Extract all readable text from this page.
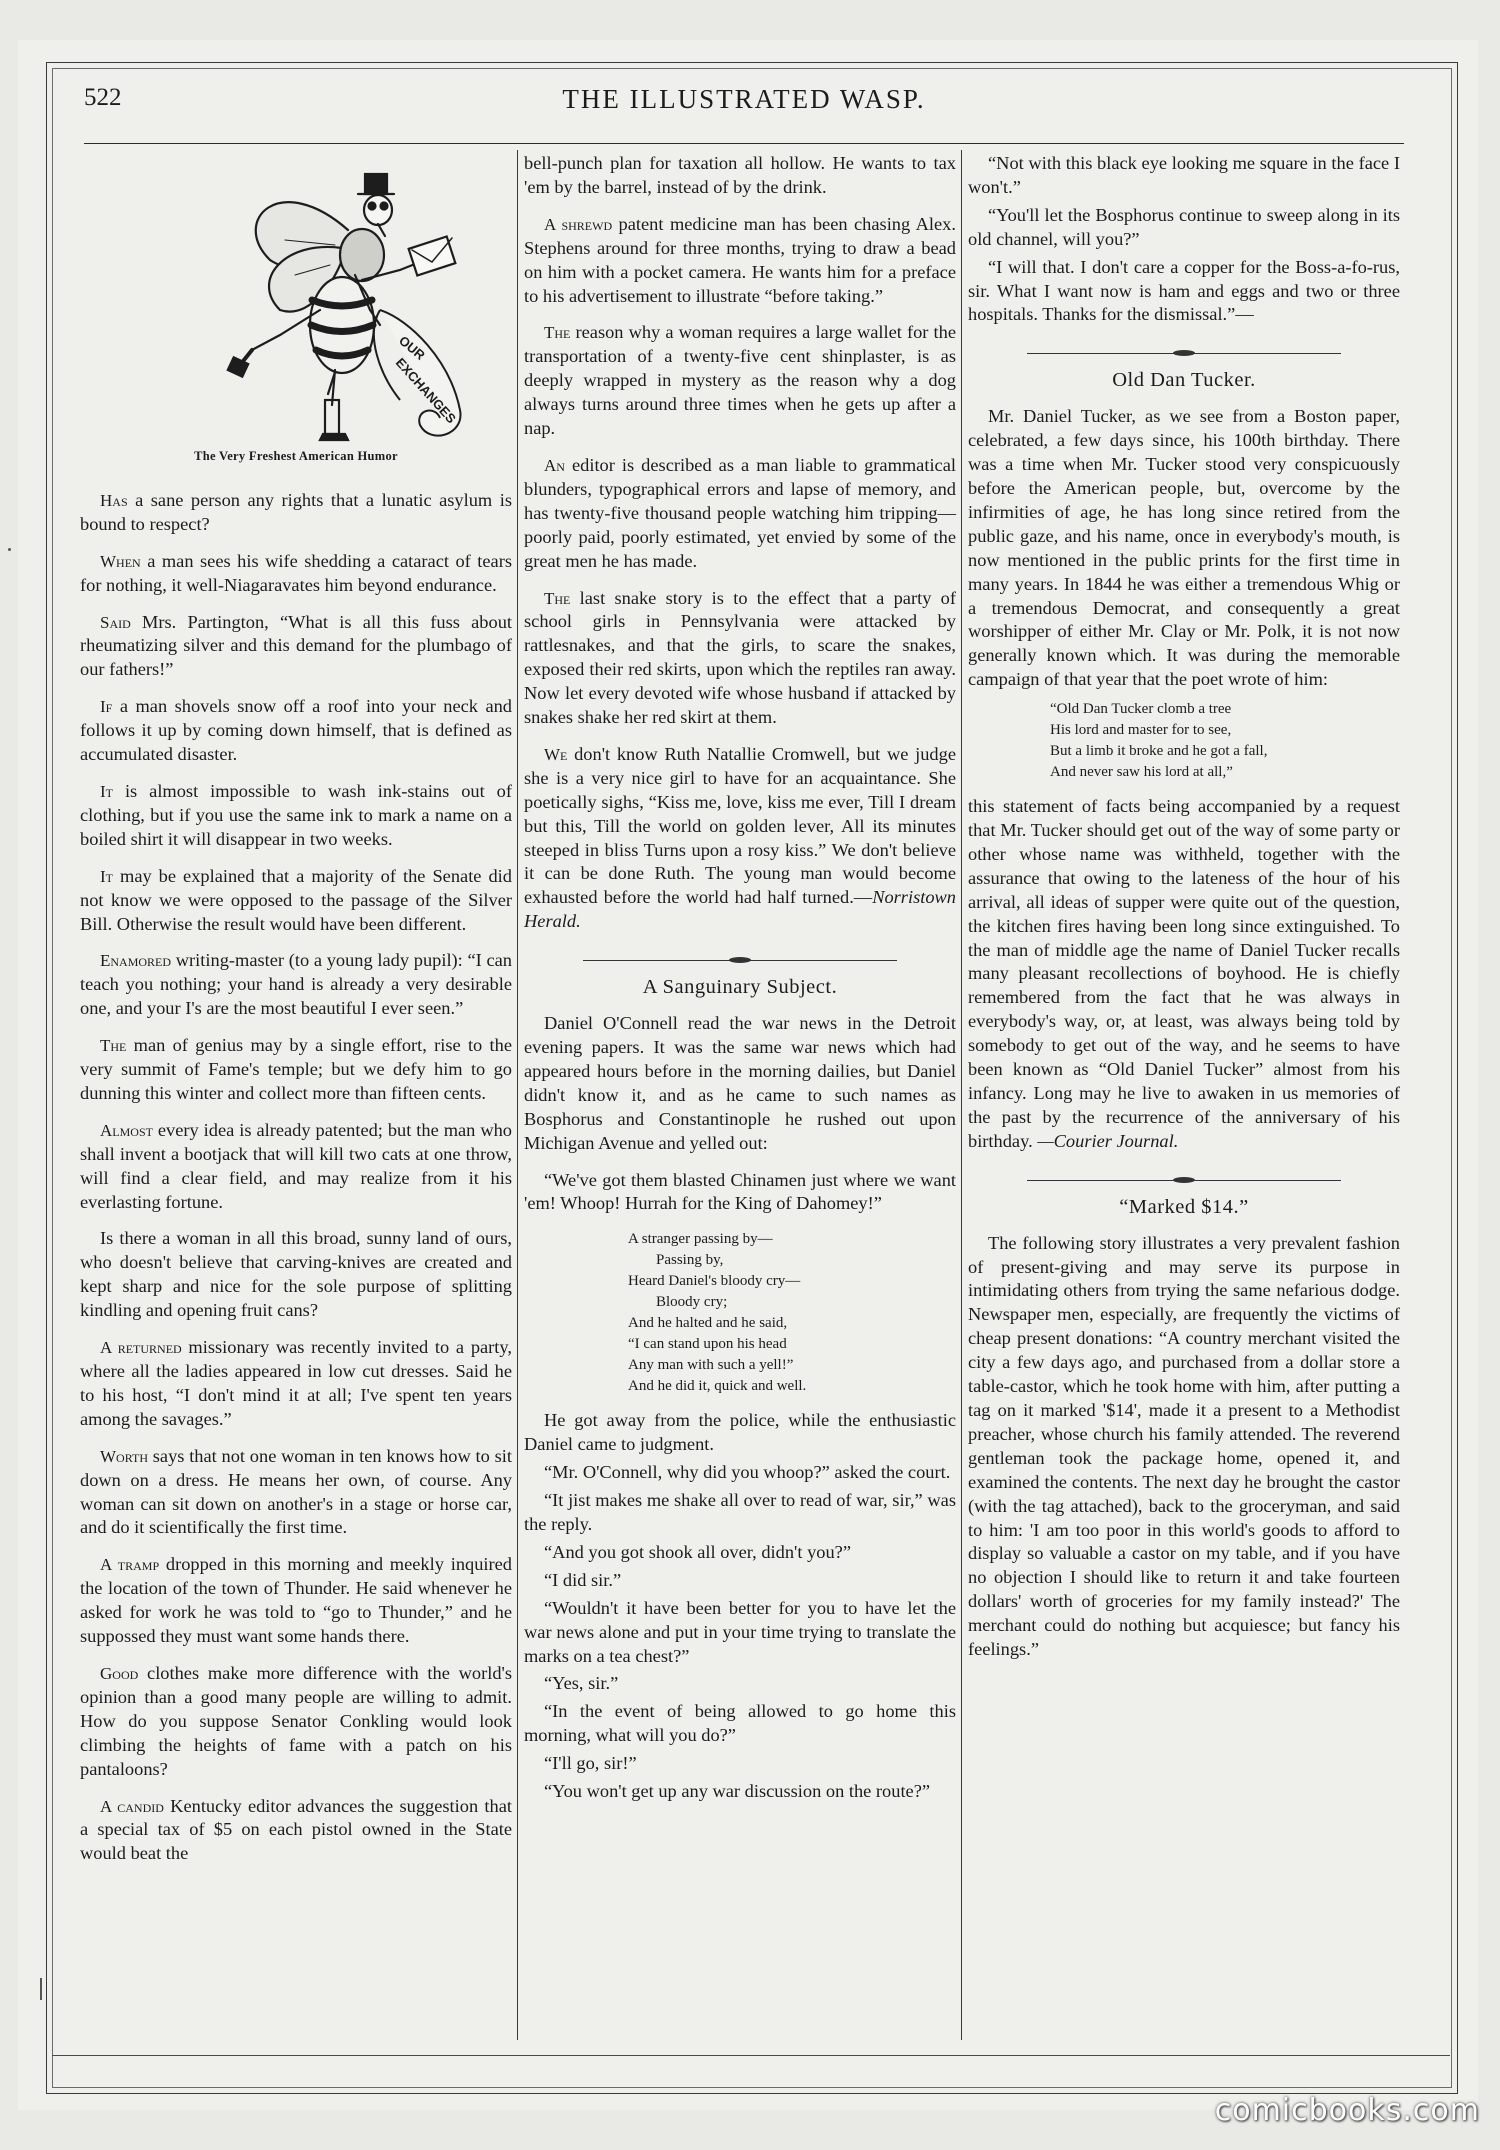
THE ILLUSTRATED WASP.
522
OUR
EXCHANGES
The Very Freshest American Humor

Has a sane person any rights that a lunatic asylum is bound to respect?

When a man sees his wife shedding a cataract of tears for nothing, it well-Niagaravates him beyond endurance.

Said Mrs. Partington, “What is all this fuss about rheumatizing silver and this demand for the plumbago of our fathers!”

If a man shovels snow off a roof into your neck and follows it up by coming down himself, that is defined as accumulated disaster.

It is almost impossible to wash ink-stains out of clothing, but if you use the same ink to mark a name on a boiled shirt it will disappear in two weeks.

It may be explained that a majority of the Senate did not know we were opposed to the passage of the Silver Bill. Otherwise the result would have been different.

Enamored writing-master (to a young lady pupil): “I can teach you nothing; your hand is already a very desirable one, and your I's are the most beautiful I ever seen.”

The man of genius may by a single effort, rise to the very summit of Fame's temple; but we defy him to go dunning this winter and collect more than fifteen cents.

Almost every idea is already patented; but the man who shall invent a bootjack that will kill two cats at one throw, will find a clear field, and may realize from it his everlasting fortune.

Is there a woman in all this broad, sunny land of ours, who doesn't believe that carving-knives are created and kept sharp and nice for the sole purpose of splitting kindling and opening fruit cans?

A returned missionary was recently invited to a party, where all the ladies appeared in low cut dresses. Said he to his host, “I don't mind it at all; I've spent ten years among the savages.”

Worth says that not one woman in ten knows how to sit down on a dress. He means her own, of course. Any woman can sit down on another's in a stage or horse car, and do it scientifically the first time.

A tramp dropped in this morning and meekly inquired the location of the town of Thunder. He said whenever he asked for work he was told to “go to Thunder,” and he suppossed they must want some hands there.

Good clothes make more difference with the world's opinion than a good many people are willing to admit. How do you suppose Senator Conkling would look climbing the heights of fame with a patch on his pantaloons?

A candid Kentucky editor advances the suggestion that a special tax of $5 on each pistol owned in the State would beat the

bell-punch plan for taxation all hollow. He wants to tax 'em by the barrel, instead of by the drink.

A shrewd patent medicine man has been chasing Alex. Stephens around for three months, trying to draw a bead on him with a pocket camera. He wants him for a preface to his advertisement to illustrate “before taking.”

The reason why a woman requires a large wallet for the transportation of a twenty-five cent shinplaster, is as deeply wrapped in mystery as the reason why a dog always turns around three times when he gets up after a nap.

An editor is described as a man liable to grammatical blunders, typographical errors and lapse of memory, and has twenty-five thousand people watching him tripping—poorly paid, poorly estimated, yet envied by some of the great men he has made.

The last snake story is to the effect that a party of school girls in Pennsylvania were attacked by rattlesnakes, and that the girls, to scare the snakes, exposed their red skirts, upon which the reptiles ran away. Now let every devoted wife whose husband if attacked by snakes shake her red skirt at them.

We don't know Ruth Natallie Cromwell, but we judge she is a very nice girl to have for an acquaintance. She poetically sighs, “Kiss me, love, kiss me ever, Till I dream but this, Till the world on golden lever, All its minutes steeped in bliss Turns upon a rosy kiss.” We don't believe it can be done Ruth. The young man would become exhausted before the world had half turned.—Norristown Herald.

A Sanguinary Subject.

Daniel O'Connell read the war news in the Detroit evening papers. It was the same war news which had appeared hours before in the morning dailies, but Daniel didn't know it, and as he came to such names as Bosphorus and Constantinople he rushed out upon Michigan Avenue and yelled out:

“We've got them blasted Chinamen just where we want 'em! Whoop! Hurrah for the King of Dahomey!”

A stranger passing by—
Passing by,
Heard Daniel's bloody cry—
Bloody cry;
And he halted and he said,
“I can stand upon his head
Any man with such a yell!”
And he did it, quick and well.

He got away from the police, while the enthusiastic Daniel came to judgment.

“Mr. O'Connell, why did you whoop?” asked the court.

“It jist makes me shake all over to read of war, sir,” was the reply.

“And you got shook all over, didn't you?”

“I did sir.”

“Wouldn't it have been better for you to have let the war news alone and put in your time trying to translate the marks on a tea chest?”

“Yes, sir.”

“In the event of being allowed to go home this morning, what will you do?”

“I'll go, sir!”

“You won't get up any war discussion on the route?”

“Not with this black eye looking me square in the face I won't.”

“You'll let the Bosphorus continue to sweep along in its old channel, will you?”

“I will that. I don't care a copper for the Boss-a-fo-rus, sir. What I want now is ham and eggs and two or three hospitals. Thanks for the dismissal.”—

Old Dan Tucker.

Mr. Daniel Tucker, as we see from a Boston paper, celebrated, a few days since, his 100th birthday. There was a time when Mr. Tucker stood very conspicuously before the American people, but, overcome by the infirmities of age, he has long since retired from the public gaze, and his name, once in everybody's mouth, is now mentioned in the public prints for the first time in many years. In 1844 he was either a tremendous Whig or a tremendous Democrat, and consequently a great worshipper of either Mr. Clay or Mr. Polk, it is not now generally known which. It was during the memorable campaign of that year that the poet wrote of him:

“Old Dan Tucker clomb a tree
His lord and master for to see,
But a limb it broke and he got a fall,
And never saw his lord at all,”

this statement of facts being accompanied by a request that Mr. Tucker should get out of the way of some party or other whose name was withheld, together with the assurance that owing to the lateness of the hour of his arrival, all ideas of supper were quite out of the question, the kitchen fires having been long since extinguished. To the man of middle age the name of Daniel Tucker recalls many pleasant recollections of boyhood. He is chiefly remembered from the fact that he was always in everybody's way, or, at least, was always being told by somebody to get out of the way, and he seems to have been known as “Old Daniel Tucker” almost from his infancy. Long may he live to awaken in us memories of the past by the recurrence of the anniversary of his birthday. —Courier Journal.

“Marked $14.”

The following story illustrates a very prevalent fashion of present-giving and may serve its purpose in intimidating others from trying the same nefarious dodge. Newspaper men, especially, are frequently the victims of cheap present donations: “A country merchant visited the city a few days ago, and purchased from a dollar store a table-castor, which he took home with him, after putting a tag on it marked '$14', made it a present to a Methodist preacher, whose church his family attended. The reverend gentleman took the package home, opened it, and examined the contents. The next day he brought the castor (with the tag attached), back to the groceryman, and said to him: 'I am too poor in this world's goods to afford to display so valuable a castor on my table, and if you have no objection I should like to return it and take fourteen dollars' worth of groceries for my family instead?' The merchant could do nothing but acquiesce; but fancy his feelings.”

comicbooks.com
